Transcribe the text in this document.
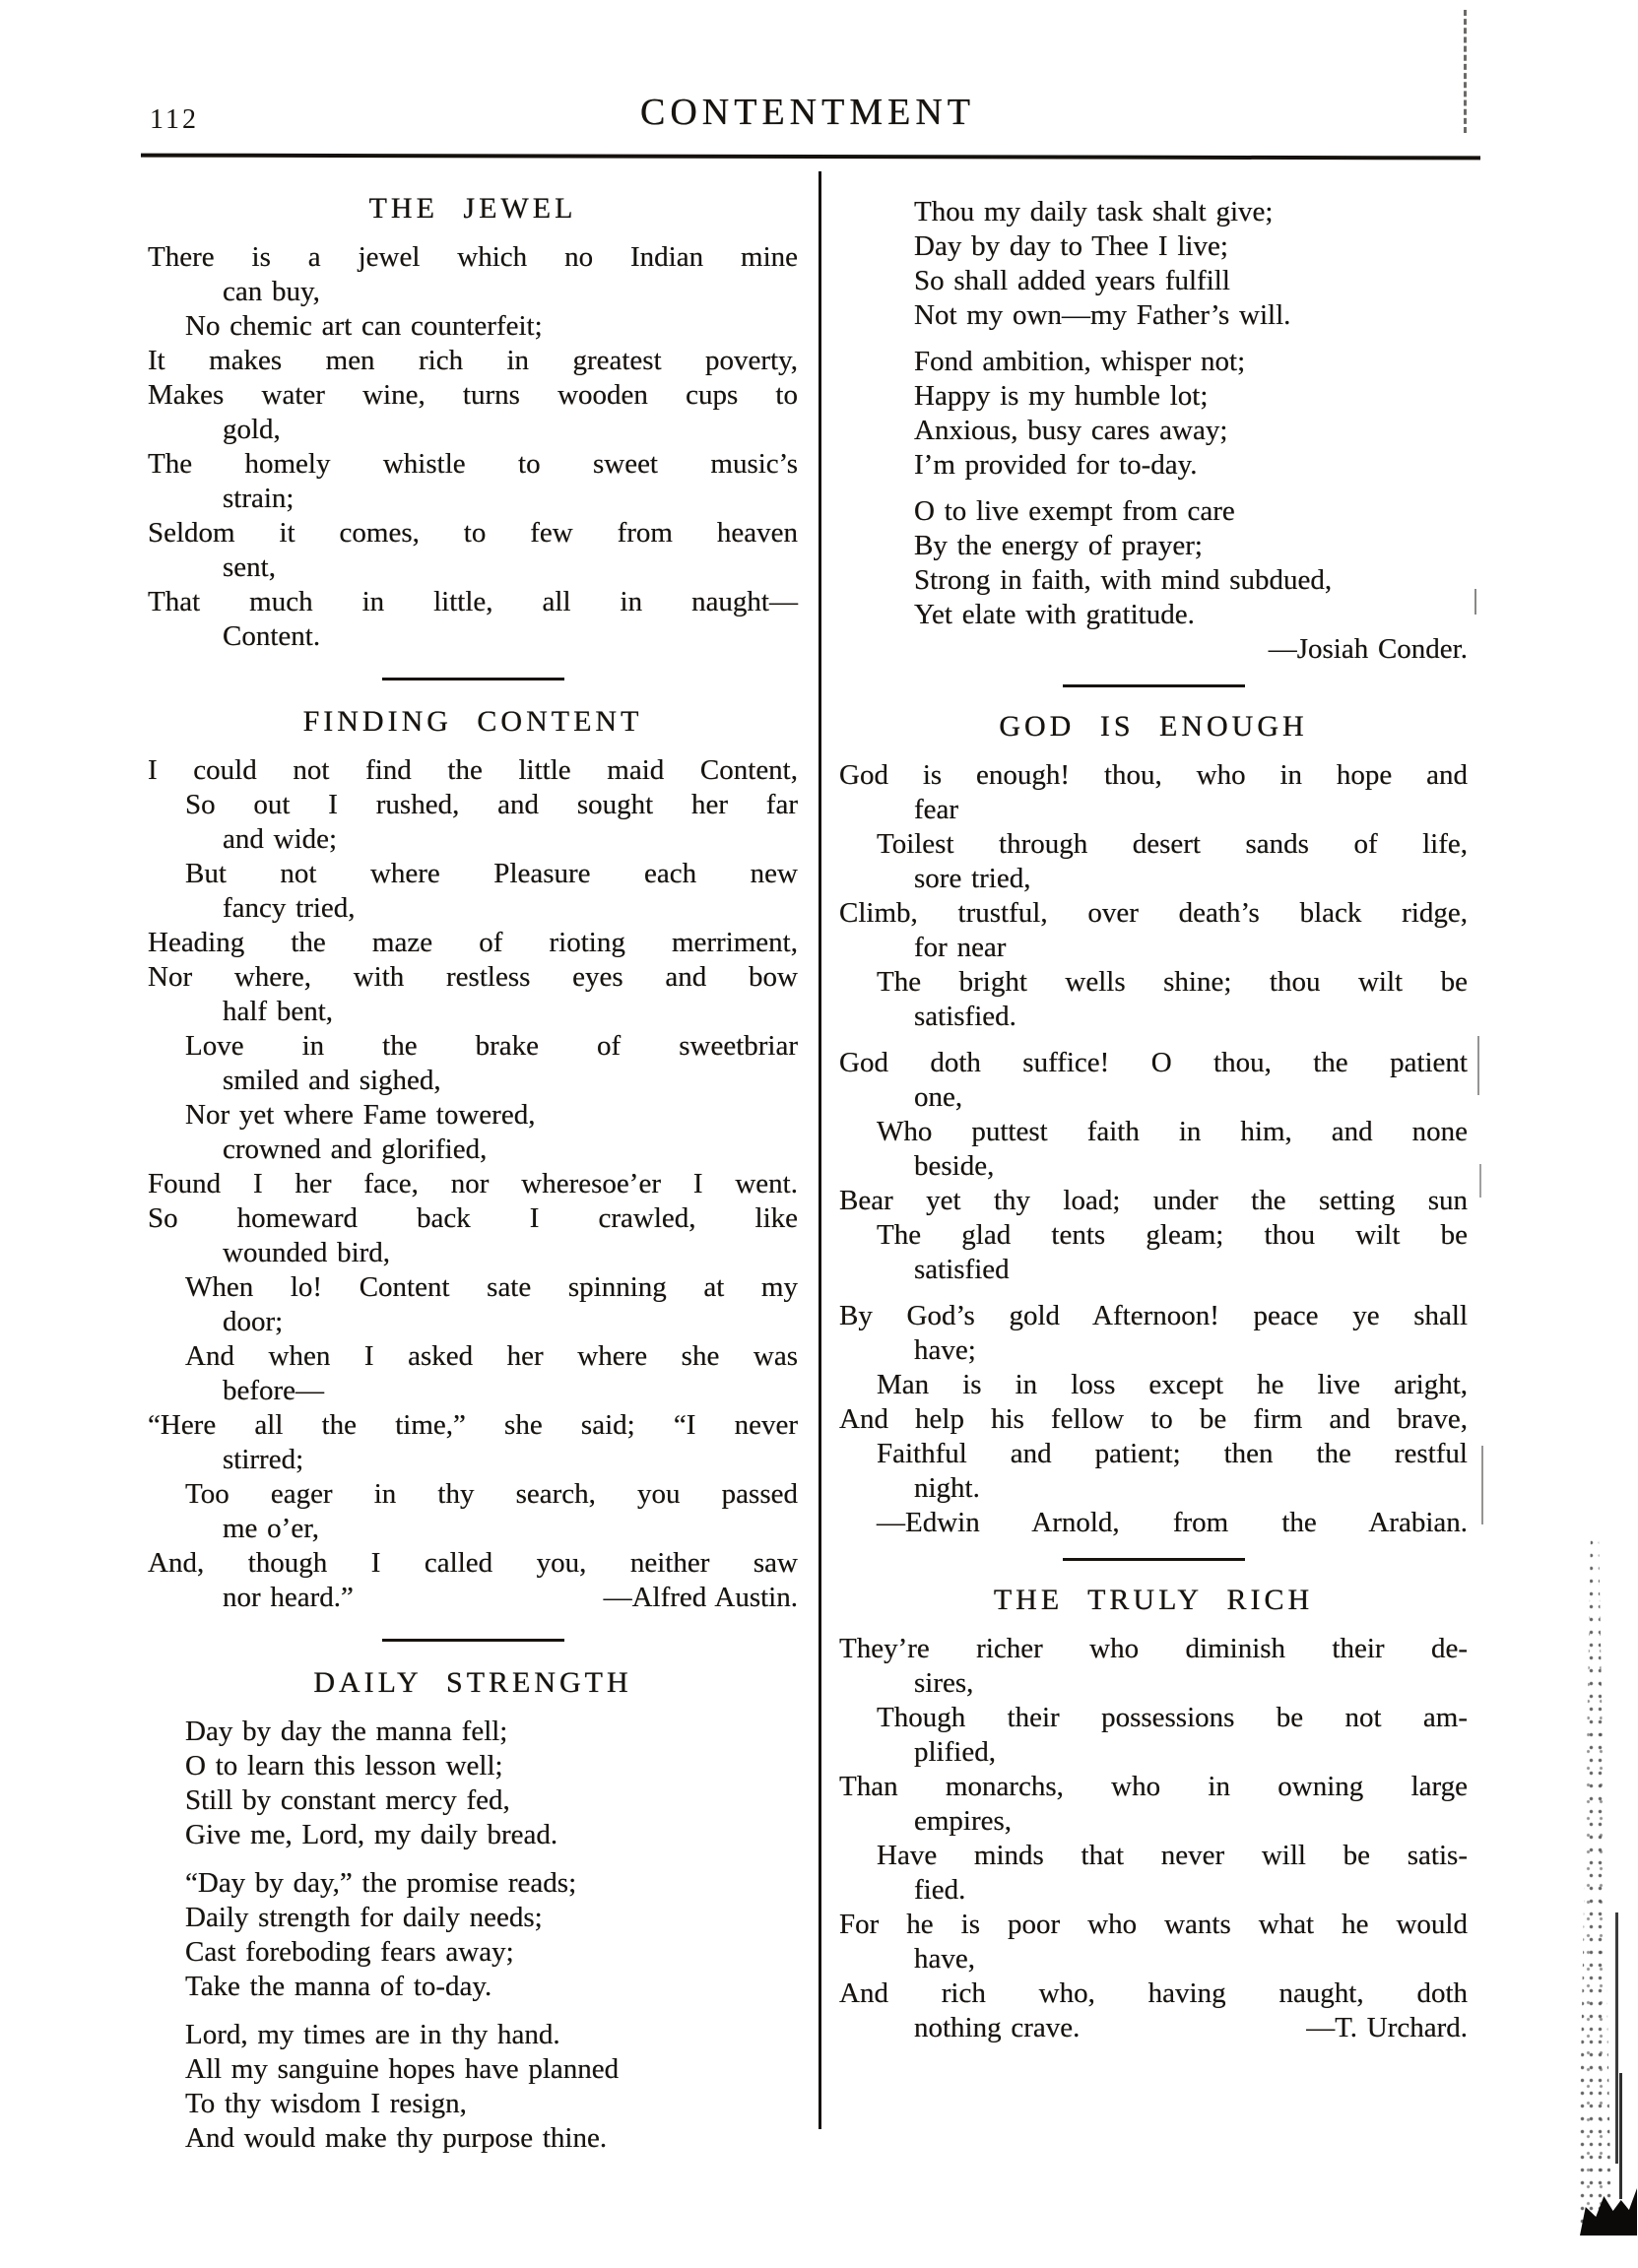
112	CONTENTMENT
THE JEWEL
There is a jewel which no Indian mine
can buy,
No chemic art can counterfeit;
It makes men rich in greatest poverty,
Makes water wine, turns wooden cups to
gold,
The homely whistle to sweet music’s
strain;
Seldom it comes, to few from heaven
sent,
That much in little, all in naught—
Content.
FINDING CONTENT
I could not find the little maid Content,
So out I rushed, and sought her far
and wide;
But not where Pleasure each new
fancy tried,
Heading the maze of rioting merriment,
Nor where, with restless eyes and bow
half bent,
Love in the brake of sweetbriar
smiled and sighed,
Nor yet where Fame towered,
crowned and glorified,
Found I her face, nor wheresoe’er I went.
So homeward back I crawled, like
wounded bird,
When lo! Content sate spinning at my
door;
And when I asked her where she was
before—
“Here all the time,” she said; “I never
stirred;
Too eager in thy search, you passed
me o’er,
And, though I called you, neither saw
nor heard.”	—Alfred Austin.
DAILY STRENGTH
Day by day the manna fell;
O to learn this lesson well;
Still by constant mercy fed,
Give me, Lord, my daily bread.
“Day by day,” the promise reads;
Daily strength for daily needs;
Cast foreboding fears away;
Take the manna of to-day.
Lord, my times are in thy hand.
All my sanguine hopes have planned
To thy wisdom I resign,
And would make thy purpose thine.
Thou my daily task shalt give;
Day by day to Thee I live;
So shall added years fulfill
Not my own—my Father’s will.
Fond ambition, whisper not;
Happy is my humble lot;
Anxious, busy cares away;
I’m provided for to-day.
O to live exempt from care
By the energy of prayer;
Strong in faith, with mind subdued,
Yet elate with gratitude.
—Josiah Conder.
GOD IS ENOUGH
God is enough! thou, who in hope and
fear
Toilest through desert sands of life,
sore tried,
Climb, trustful, over death’s black ridge,
for near
The bright wells shine; thou wilt be
satisfied.
God doth suffice! O thou, the patient
one,
Who puttest faith in him, and none
beside,
Bear yet thy load; under the setting sun
The glad tents gleam; thou wilt be
satisfied
By God’s gold Afternoon! peace ye shall
have;
Man is in loss except he live aright,
And help his fellow to be firm and brave,
Faithful and patient; then the restful
night.
—Edwin Arnold, from the Arabian.
THE TRULY RICH
They’re richer who diminish their de-
sires,
Though their possessions be not am-
plified,
Than monarchs, who in owning large
empires,
Have minds that never will be satis-
fied.
For he is poor who wants what he would
have,
And rich who, having naught, doth
nothing crave.	—T. Urchard.
